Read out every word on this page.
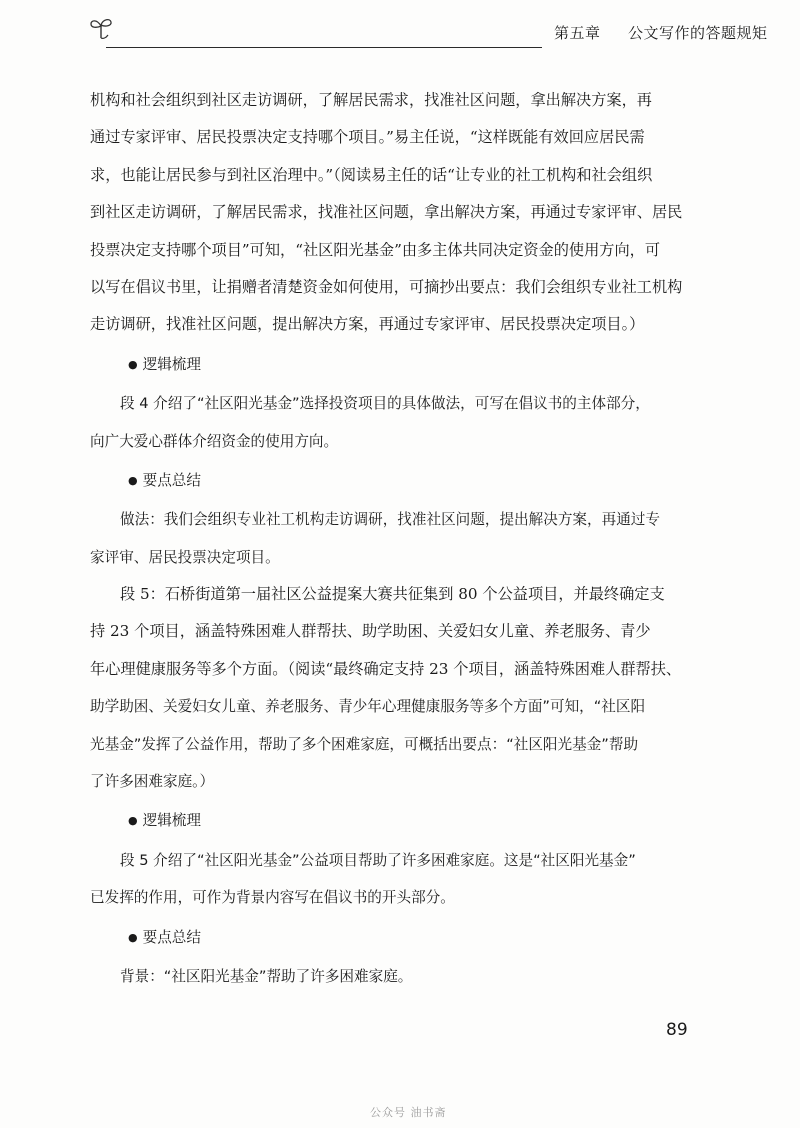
第五章 公文写作的答题规矩
机构和社会组织到社区走访调研，了解居民需求，找准社区问题，拿出解决方案，再
通过专家评审、居民投票决定支持哪个项目。”易主任说，“这样既能有效回应居民需
求，也能让居民参与到社区治理中。”（阅读易主任的话“让专业的社工机构和社会组织
到社区走访调研，了解居民需求，找准社区问题，拿出解决方案，再通过专家评审、居民
投票决定支持哪个项目”可知，“社区阳光基金”由多主体共同决定资金的使用方向，可
以写在倡议书里，让捐赠者清楚资金如何使用，可摘抄出要点：我们会组织专业社工机构
走访调研，找准社区问题，提出解决方案，再通过专家评审、居民投票决定项目。）
● 逻辑梳理
段 4 介绍了“社区阳光基金”选择投资项目的具体做法，可写在倡议书的主体部分，
向广大爱心群体介绍资金的使用方向。
● 要点总结
做法：我们会组织专业社工机构走访调研，找准社区问题，提出解决方案，再通过专
家评审、居民投票决定项目。
段 5：石桥街道第一届社区公益提案大赛共征集到 80 个公益项目，并最终确定支
持 23 个项目，涵盖特殊困难人群帮扶、助学助困、关爱妇女儿童、养老服务、青少
年心理健康服务等多个方面。（阅读“最终确定支持 23 个项目，涵盖特殊困难人群帮扶、
助学助困、关爱妇女儿童、养老服务、青少年心理健康服务等多个方面”可知，“社区阳
光基金”发挥了公益作用，帮助了多个困难家庭，可概括出要点：“社区阳光基金”帮助
了许多困难家庭。）
● 逻辑梳理
段 5 介绍了“社区阳光基金”公益项目帮助了许多困难家庭。这是“社区阳光基金”
已发挥的作用，可作为背景内容写在倡议书的开头部分。
● 要点总结
背景：“社区阳光基金”帮助了许多困难家庭。
89
公众号 油书斋
